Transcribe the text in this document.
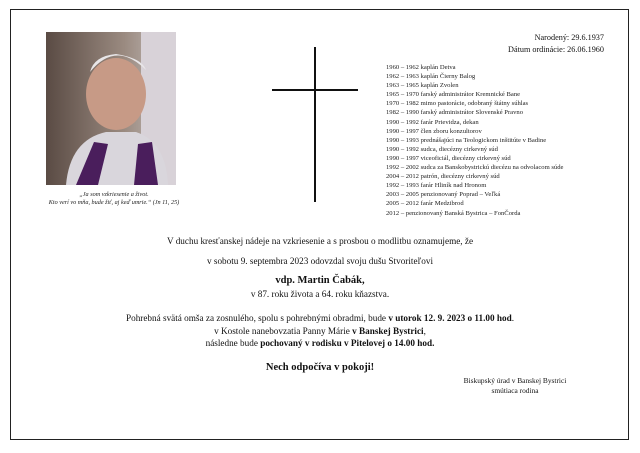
„Ja som vzkriesenie a život.
Kto verí vo mňa, bude žiť, aj keď umrie.“ (Jn 11, 25)
Narodený: 29.6.1937
Dátum ordinácie: 26.06.1960
1960 – 1962 kaplán Detva
1962 – 1963 kaplán Čierny Balog
1963 – 1965 kaplán Zvolen
1965 – 1970 farský administrátor Kremnické Bane
1970 – 1982 mimo pastorácie, odobraný štátny súhlas
1982 – 1990 farský administrátor Slovenské Pravno
1990 – 1992 farár Prievidza, dekan
1990 – 1997 člen zboru konzultorov
1990 – 1993 prednášajúci na Teologickom inštitúte v Badine
1990 – 1992 sudca, diecézny cirkevný súd
1990 – 1997 viceoficiál, diecézny cirkevný súd
1992 – 2002 sudca za Banskobystrickú diecézu na odvolacom súde
2004 – 2012 patrón, diecézny cirkevný súd
1992 – 1993 farár Hliník nad Hronom
2003 – 2005 penzionovaný Poprad – Veľká
2005 – 2012 farár Medzibrod
2012 – penzionovaný Banská Bystrica – FonČorda
V duchu kresťanskej nádeje na vzkriesenie a s prosbou o modlitbu oznamujeme, že
v sobotu 9. septembra 2023 odovzdal svoju dušu Stvoriteľovi
vdp. Martin Čabák,
v 87. roku života a 64. roku kňazstva.
Pohrebná svätá omša za zosnulého, spolu s pohrebnými obradmi, bude v utorok 12. 9. 2023 o 11.00 hod.
v Kostole nanebovzatia Panny Márie v Banskej Bystrici,
následne bude pochovaný v rodisku v Pitelovej o 14.00 hod.
Nech odpočíva v pokoji!
Biskupský úrad v Banskej Bystrici
smútiaca rodina
